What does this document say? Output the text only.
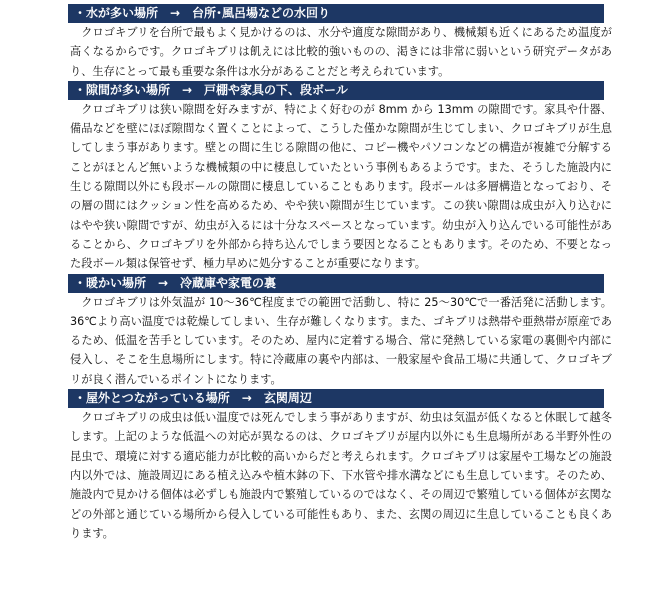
・水が多い場所　→　台所･風呂場などの水回り
クロゴキブリを台所で最もよく見かけるのは、水分や適度な隙間があり、機械類も近くにあるため温度が高くなるからです。クロゴキブリは飢えには比較的強いものの、渇きには非常に弱いという研究データがあり、生存にとって最も重要な条件は水分があることだと考えられています。
・隙間が多い場所　→　戸棚や家具の下、段ボール
クロゴキブリは狭い隙間を好みますが、特によく好むのが 8mm から 13mm の隙間です。家具や什器、備品などを壁にほぼ隙間なく置くことによって、こうした僅かな隙間が生じてしまい、クロゴキブリが生息してしまう事があります。壁との間に生じる隙間の他に、コピー機やパソコンなどの構造が複雑で分解することがほとんど無いような機械類の中に棲息していたという事例もあるようです。また、そうした施設内に生じる隙間以外にも段ボールの隙間に棲息していることもあります。段ボールは多層構造となっており、その層の間にはクッション性を高めるため、やや狭い隙間が生じています。この狭い隙間は成虫が入り込むにはやや狭い隙間ですが、幼虫が入るには十分なスペースとなっています。幼虫が入り込んでいる可能性があることから、クロゴキブリを外部から持ち込んでしまう要因となることもあります。そのため、不要となった段ボール類は保管せず、極力早めに処分することが重要になります。
・暖かい場所　→　冷蔵庫や家電の裏
クロゴキブリは外気温が 10～36℃程度までの範囲で活動し、特に 25～30℃で一番活発に活動します。36℃より高い温度では乾燥してしまい、生存が難しくなります。また、ゴキブリは熱帯や亜熱帯が原産であるため、低温を苦手としています。そのため、屋内に定着する場合、常に発熱している家電の裏側や内部に侵入し、そこを生息場所にします。特に冷蔵庫の裏や内部は、一般家屋や食品工場に共通して、クロゴキブリが良く潜んでいるポイントになります。
・屋外とつながっている場所　→　玄関周辺
クロゴキブリの成虫は低い温度では死んでしまう事がありますが、幼虫は気温が低くなると休眠して越冬します。上記のような低温への対応が異なるのは、クロゴキブリが屋内以外にも生息場所がある半野外性の昆虫で、環境に対する適応能力が比較的高いからだと考えられます。クロゴキブリは家屋や工場などの施設内以外では、施設周辺にある植え込みや植木鉢の下、下水管や排水溝などにも生息しています。そのため、施設内で見かける個体は必ずしも施設内で繁殖しているのではなく、その周辺で繁殖している個体が玄関などの外部と通じている場所から侵入している可能性もあり、また、玄関の周辺に生息していることも良くあります。
